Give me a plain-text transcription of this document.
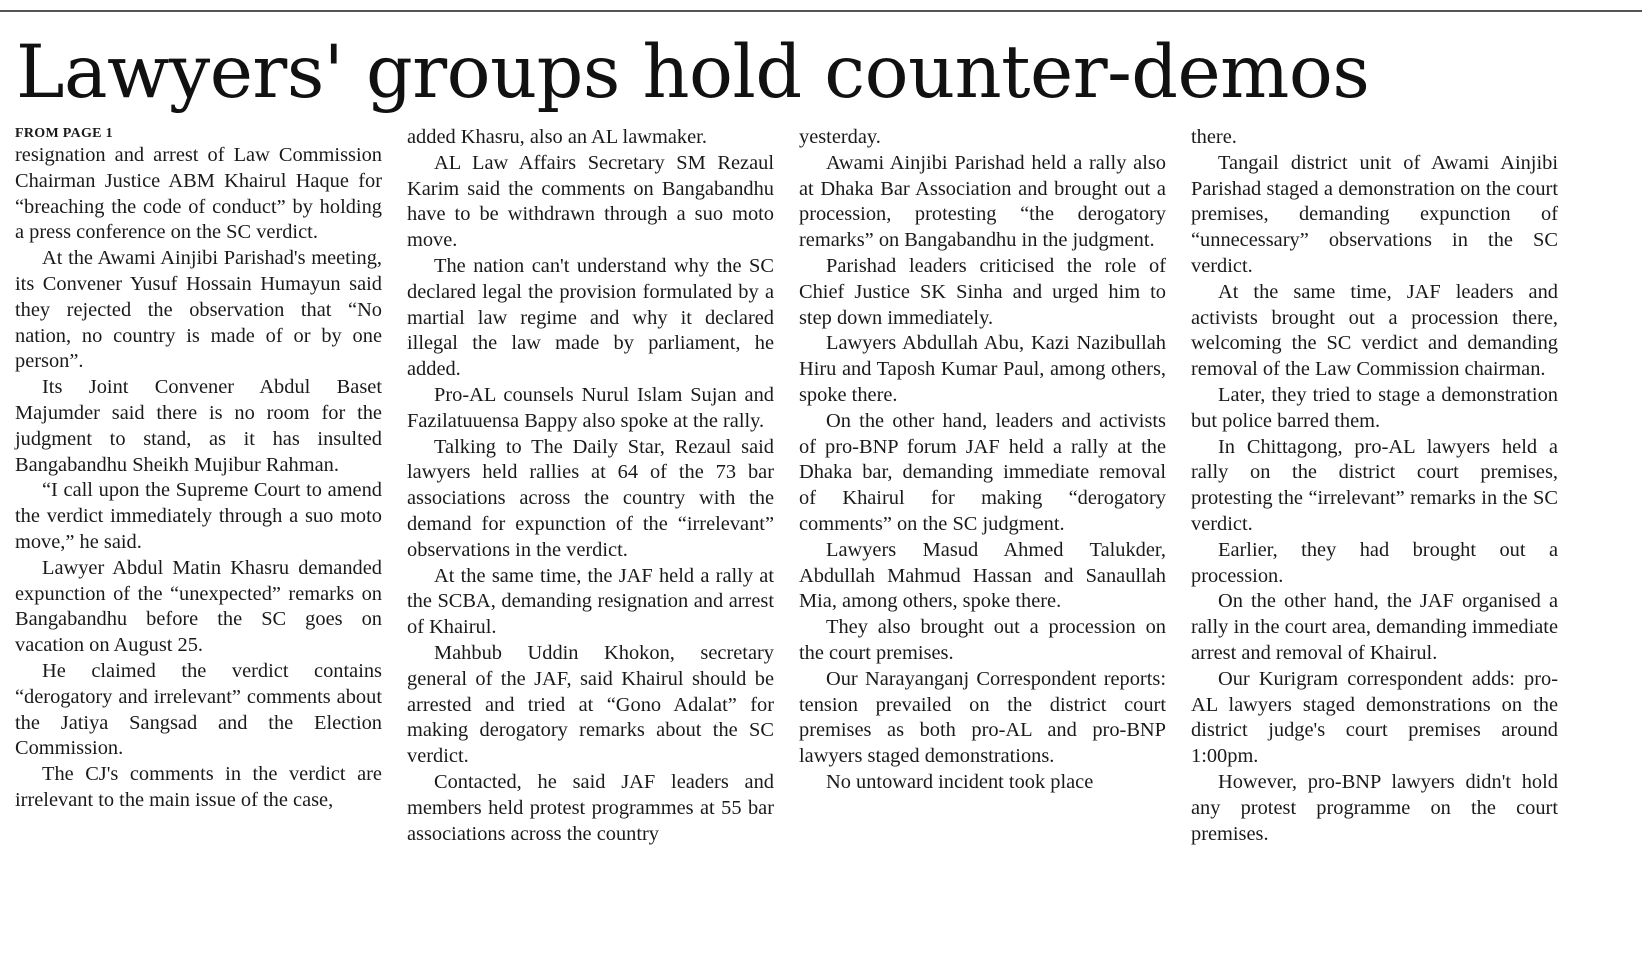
Lawyers' groups hold counter-demos
FROM PAGE 1

resignation and arrest of Law Commission Chairman Justice ABM Khairul Haque for “breaching the code of conduct” by holding a press conference on the SC verdict.

At the Awami Ainjibi Parishad's meeting, its Convener Yusuf Hossain Humayun said they rejected the observation that “No nation, no country is made of or by one person”.

Its Joint Convener Abdul Baset Majumder said there is no room for the judgment to stand, as it has insulted Bangabandhu Sheikh Mujibur Rahman.

“I call upon the Supreme Court to amend the verdict immediately through a suo moto move,” he said.

Lawyer Abdul Matin Khasru demanded expunction of the “unexpected” remarks on Bangabandhu before the SC goes on vacation on August 25.

He claimed the verdict contains “derogatory and irrelevant” comments about the Jatiya Sangsad and the Election Commission.

The CJ's comments in the verdict are irrelevant to the main issue of the case,

added Khasru, also an AL lawmaker.

AL Law Affairs Secretary SM Rezaul Karim said the comments on Bangabandhu have to be withdrawn through a suo moto move.

The nation can't understand why the SC declared legal the provision formulated by a martial law regime and why it declared illegal the law made by parliament, he added.

Pro-AL counsels Nurul Islam Sujan and Fazilatuuensa Bappy also spoke at the rally.

Talking to The Daily Star, Rezaul said lawyers held rallies at 64 of the 73 bar associations across the country with the demand for expunction of the “irrelevant” observations in the verdict.

At the same time, the JAF held a rally at the SCBA, demanding resignation and arrest of Khairul.

Mahbub Uddin Khokon, secretary general of the JAF, said Khairul should be arrested and tried at “Gono Adalat” for making derogatory remarks about the SC verdict.

Contacted, he said JAF leaders and members held protest programmes at 55 bar associations across the country

yesterday.

Awami Ainjibi Parishad held a rally also at Dhaka Bar Association and brought out a procession, protesting “the derogatory remarks” on Bangabandhu in the judgment.

Parishad leaders criticised the role of Chief Justice SK Sinha and urged him to step down immediately.

Lawyers Abdullah Abu, Kazi Nazibullah Hiru and Taposh Kumar Paul, among others, spoke there.

On the other hand, leaders and activists of pro-BNP forum JAF held a rally at the Dhaka bar, demanding immediate removal of Khairul for making “derogatory comments” on the SC judgment.

Lawyers Masud Ahmed Talukder, Abdullah Mahmud Hassan and Sanaullah Mia, among others, spoke there.

They also brought out a procession on the court premises.

Our Narayanganj Correspondent reports: tension prevailed on the district court premises as both pro-AL and pro-BNP lawyers staged demonstrations.

No untoward incident took place

there.

Tangail district unit of Awami Ainjibi Parishad staged a demonstration on the court premises, demanding expunction of “unnecessary” observations in the SC verdict.

At the same time, JAF leaders and activists brought out a procession there, welcoming the SC verdict and demanding removal of the Law Commission chairman.

Later, they tried to stage a demonstration but police barred them.

In Chittagong, pro-AL lawyers held a rally on the district court premises, protesting the “irrelevant” remarks in the SC verdict.

Earlier, they had brought out a procession.

On the other hand, the JAF organised a rally in the court area, demanding immediate arrest and removal of Khairul.

Our Kurigram correspondent adds: pro-AL lawyers staged demonstrations on the district judge's court premises around 1:00pm.

However, pro-BNP lawyers didn't hold any protest programme on the court premises.
